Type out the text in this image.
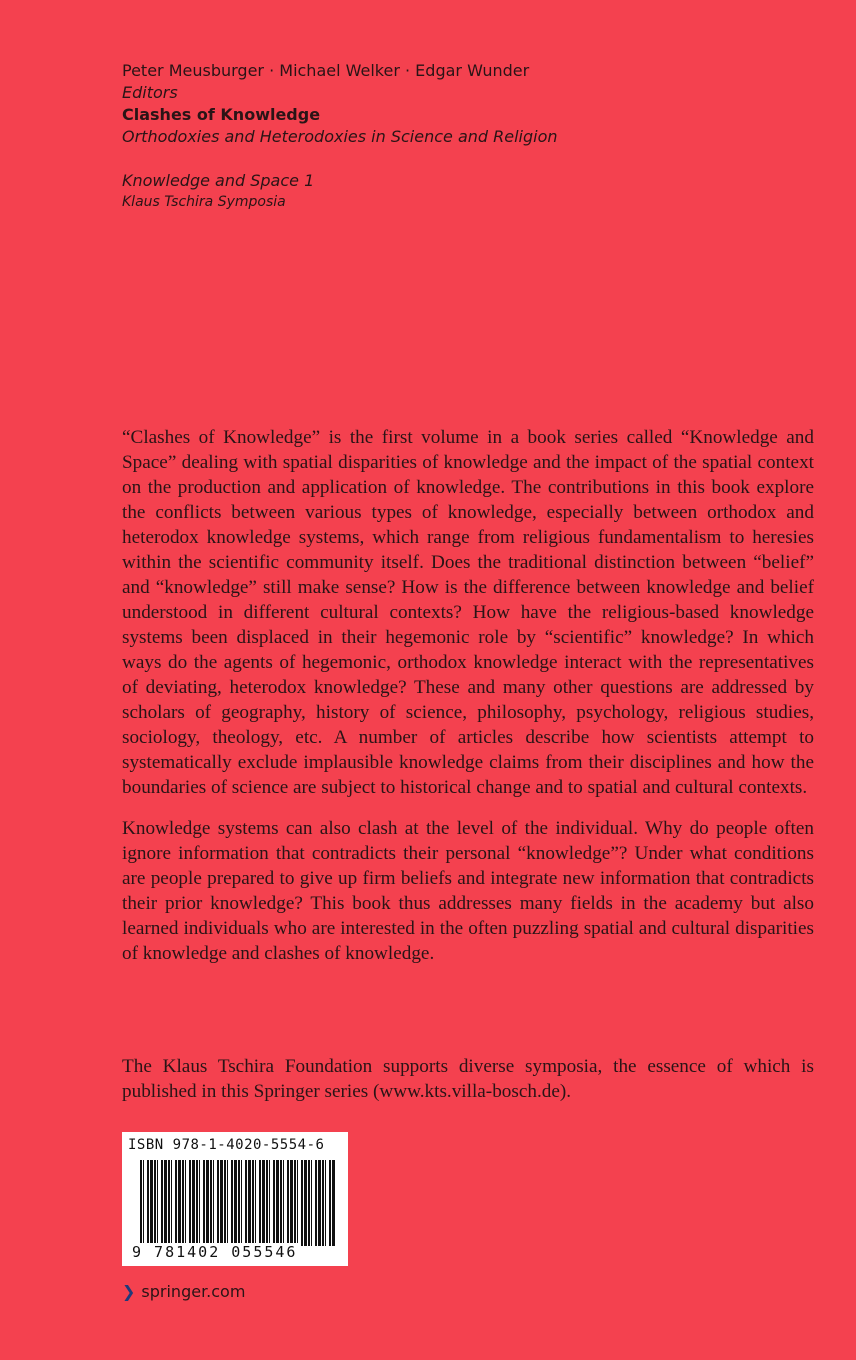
Peter Meusburger · Michael Welker · Edgar Wunder
Editors
Clashes of Knowledge
Orthodoxies and Heterodoxies in Science and Religion
Knowledge and Space 1
Klaus Tschira Symposia

“Clashes of Knowledge” is the first volume in a book series called “Knowledge and Space” dealing with spatial disparities of knowledge and the impact of the spatial context on the production and application of knowledge. The contributions in this book explore the conflicts between various types of knowledge, especially between orthodox and heterodox knowledge systems, which range from religious fundamentalism to heresies within the scientific community itself. Does the traditional distinction between “belief” and “knowledge” still make sense? How is the difference between knowledge and belief understood in different cultural contexts? How have the religious-based knowledge systems been displaced in their hegemonic role by “scientific” knowledge? In which ways do the agents of hegemonic, orthodox knowledge interact with the representatives of deviating, heterodox knowledge? These and many other questions are addressed by scholars of geography, history of science, philosophy, psychology, religious studies, sociology, theology, etc. A number of articles describe how scientists attempt to systematically exclude implausible knowledge claims from their disciplines and how the boundaries of science are subject to historical change and to spatial and cultural contexts.

Knowledge systems can also clash at the level of the individual. Why do people often ignore information that contradicts their personal “knowledge”? Under what conditions are people prepared to give up firm beliefs and integrate new information that contradicts their prior knowledge? This book thus addresses many fields in the academy but also learned individuals who are interested in the often puzzling spatial and cultural disparities of knowledge and clashes of knowledge.

The Klaus Tschira Foundation supports diverse symposia, the essence of which is published in this Springer series (www.kts.villa-bosch.de).
ISBN 978-1-4020-5554-6
9 781402 055546
❯ springer.com
